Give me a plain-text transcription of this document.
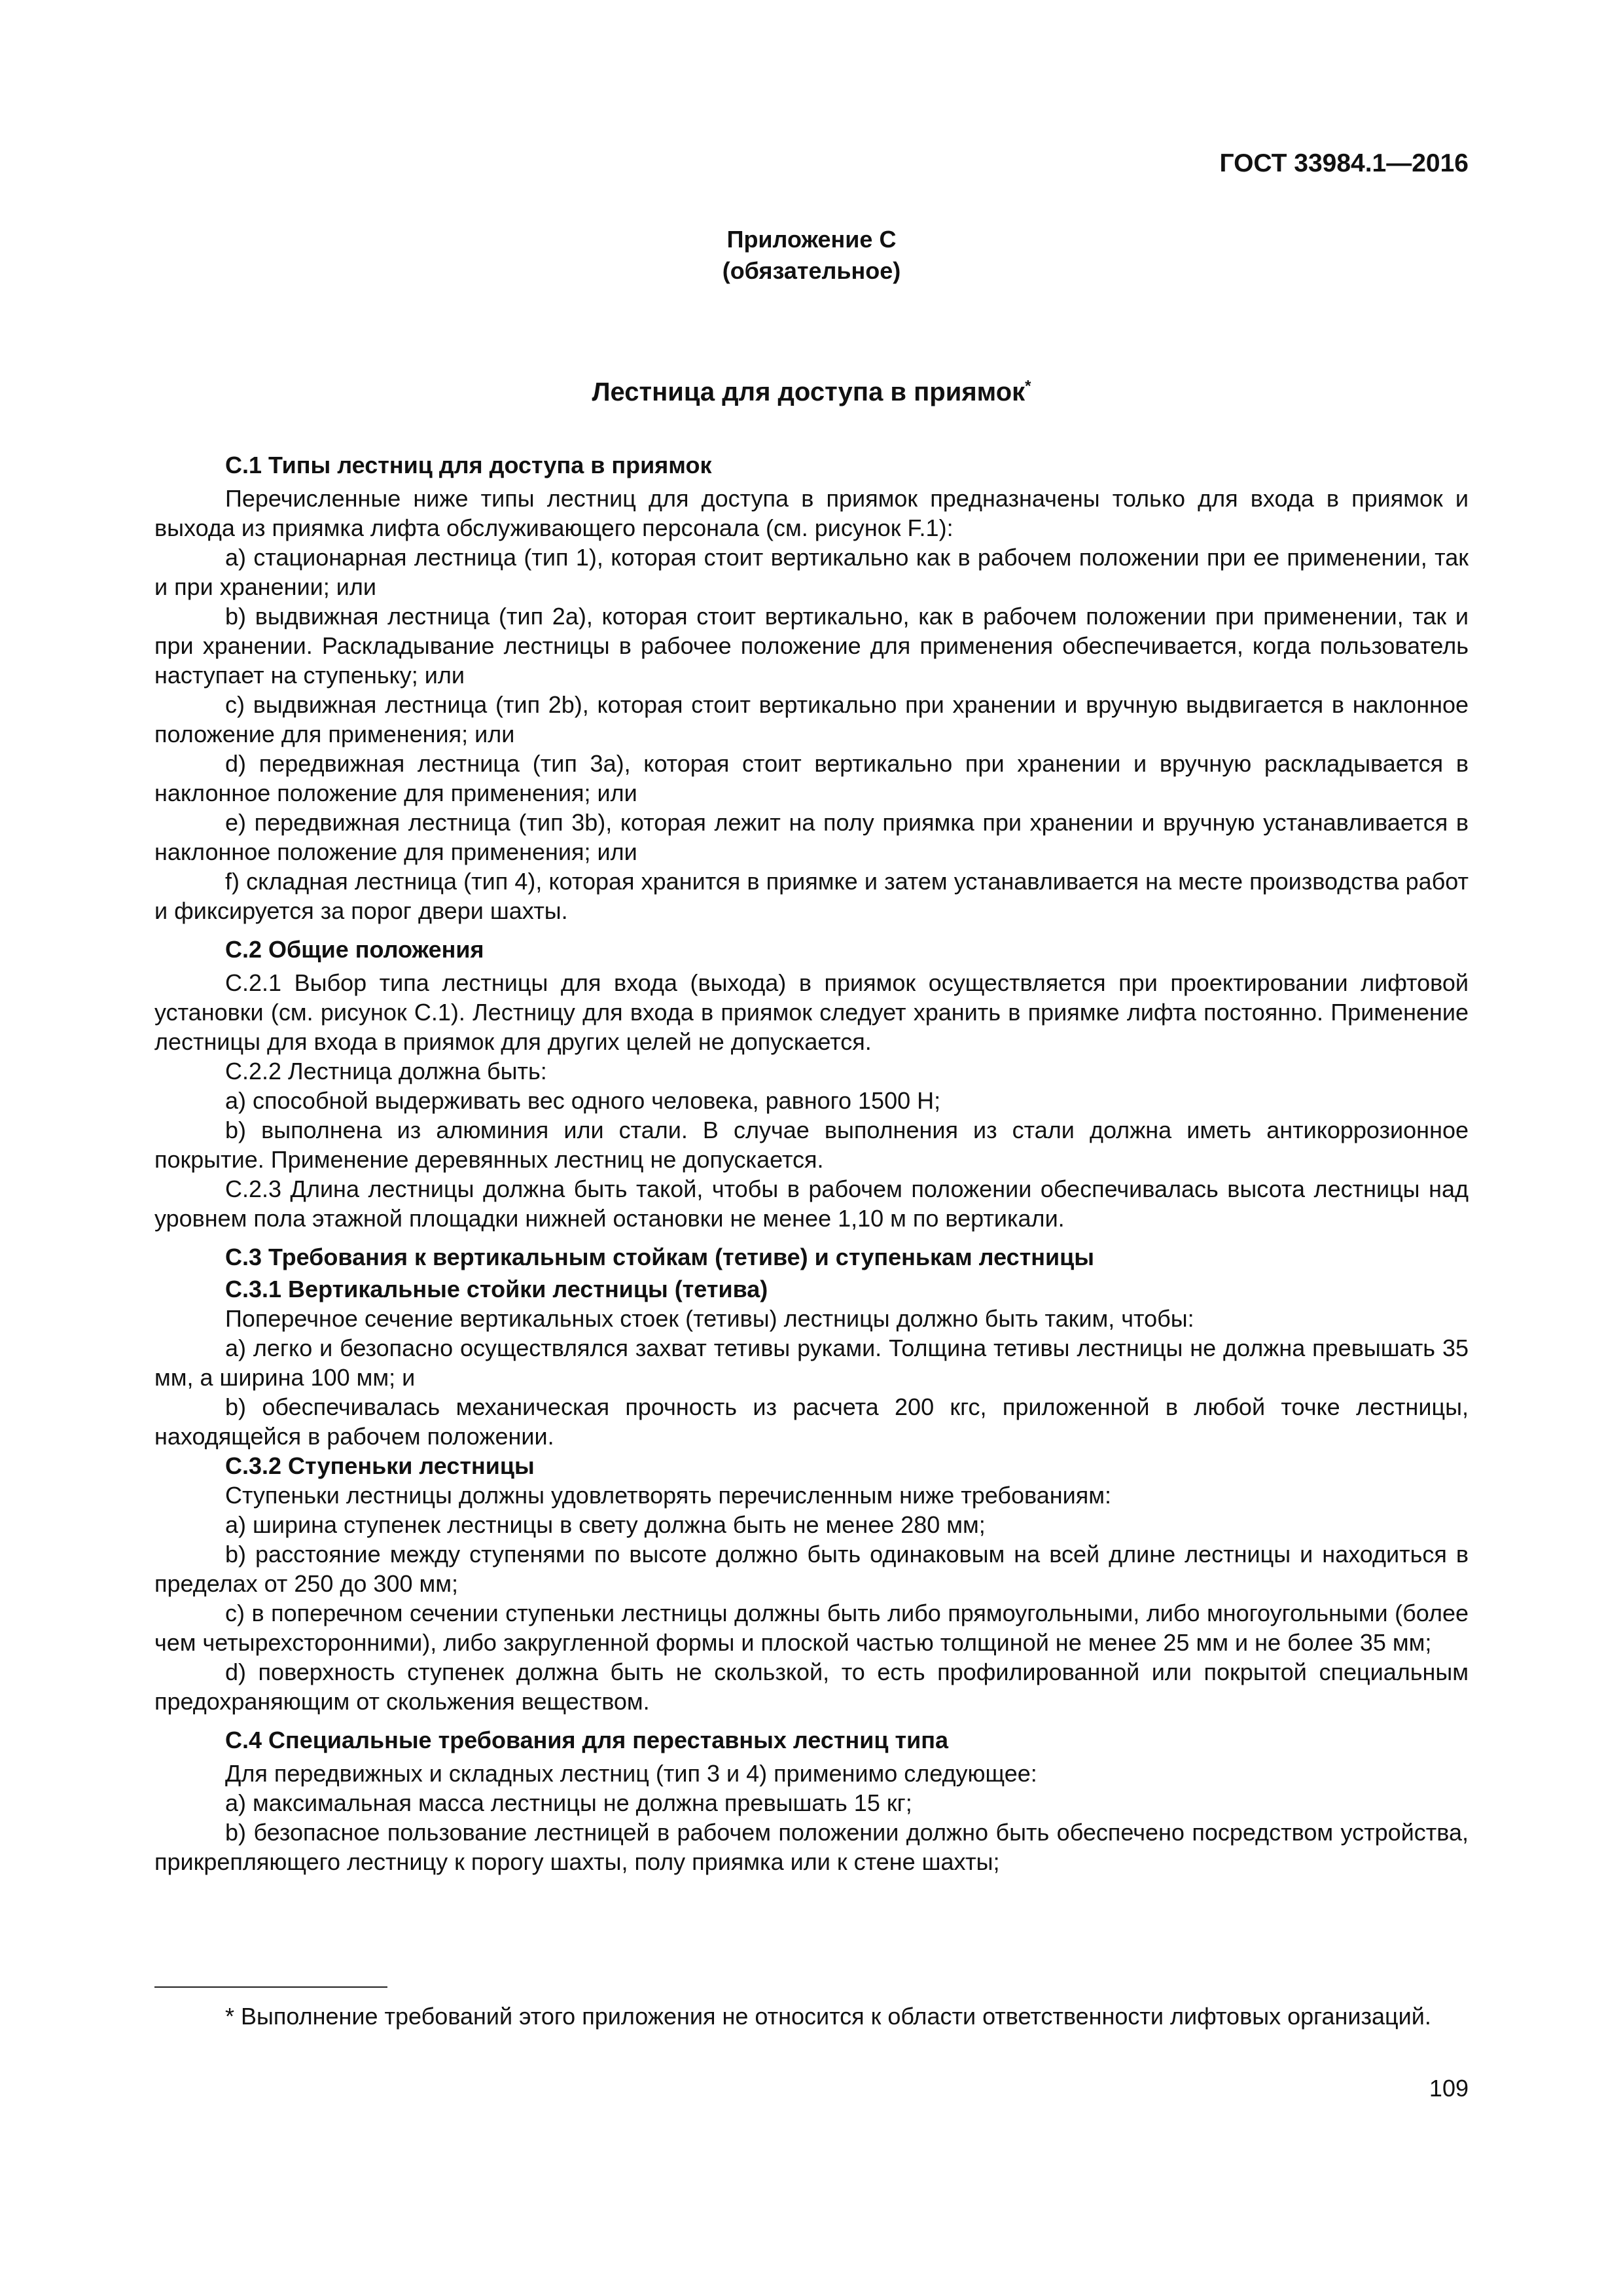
ГОСТ 33984.1—2016
Приложение С
(обязательное)
Лестница для доступа в приямок*

С.1 Типы лестниц для доступа в приямок

Перечисленные ниже типы лестниц для доступа в приямок предназначены только для входа в приямок и выхода из приямка лифта обслуживающего персонала (см. рисунок F.1):

a) стационарная лестница (тип 1), которая стоит вертикально как в рабочем положении при ее применении, так и при хранении; или

b) выдвижная лестница (тип 2а), которая стоит вертикально, как в рабочем положении при применении, так и при хранении. Раскладывание лестницы в рабочее положение для применения обеспечивается, когда пользователь наступает на ступеньку; или

c) выдвижная лестница (тип 2b), которая стоит вертикально при хранении и вручную выдвигается в наклонное положение для применения; или

d) передвижная лестница (тип 3а), которая стоит вертикально при хранении и вручную раскладывается в наклонное положение для применения; или

e) передвижная лестница (тип 3b), которая лежит на полу приямка при хранении и вручную устанавливается в наклонное положение для применения; или

f) складная лестница (тип 4), которая хранится в приямке и затем устанавливается на месте производства работ и фиксируется за порог двери шахты.

С.2 Общие положения

С.2.1 Выбор типа лестницы для входа (выхода) в приямок осуществляется при проектировании лифтовой установки (см. рисунок С.1). Лестницу для входа в приямок следует хранить в приямке лифта постоянно. Применение лестницы для входа в приямок для других целей не допускается.

С.2.2 Лестница должна быть:

a) способной выдерживать вес одного человека, равного 1500 Н;

b) выполнена из алюминия или стали. В случае выполнения из стали должна иметь антикоррозионное покрытие. Применение деревянных лестниц не допускается.

С.2.3 Длина лестницы должна быть такой, чтобы в рабочем положении обеспечивалась высота лестницы над уровнем пола этажной площадки нижней остановки не менее 1,10 м по вертикали.

С.3 Требования к вертикальным стойкам (тетиве) и ступенькам лестницы

С.3.1 Вертикальные стойки лестницы (тетива)

Поперечное сечение вертикальных стоек (тетивы) лестницы должно быть таким, чтобы:

a) легко и безопасно осуществлялся захват тетивы руками. Толщина тетивы лестницы не должна превышать 35 мм, а ширина 100 мм; и

b) обеспечивалась механическая прочность из расчета 200 кгс, приложенной в любой точке лестницы, находящейся в рабочем положении.

С.3.2 Ступеньки лестницы

Ступеньки лестницы должны удовлетворять перечисленным ниже требованиям:

a) ширина ступенек лестницы в свету должна быть не менее 280 мм;

b) расстояние между ступенями по высоте должно быть одинаковым на всей длине лестницы и находиться в пределах от 250 до 300 мм;

c) в поперечном сечении ступеньки лестницы должны быть либо прямоугольными, либо многоугольными (более чем четырехсторонними), либо закругленной формы и плоской частью толщиной не менее 25 мм и не более 35 мм;

d) поверхность ступенек должна быть не скользкой, то есть профилированной или покрытой специальным предохраняющим от скольжения веществом.

С.4 Специальные требования для переставных лестниц типа

Для передвижных и складных лестниц (тип 3 и 4) применимо следующее:

a) максимальная масса лестницы не должна превышать 15 кг;

b) безопасное пользование лестницей в рабочем положении должно быть обеспечено посредством устройства, прикрепляющего лестницу к порогу шахты, полу приямка или к стене шахты;

* Выполнение требований этого приложения не относится к области ответственности лифтовых организаций.
109
